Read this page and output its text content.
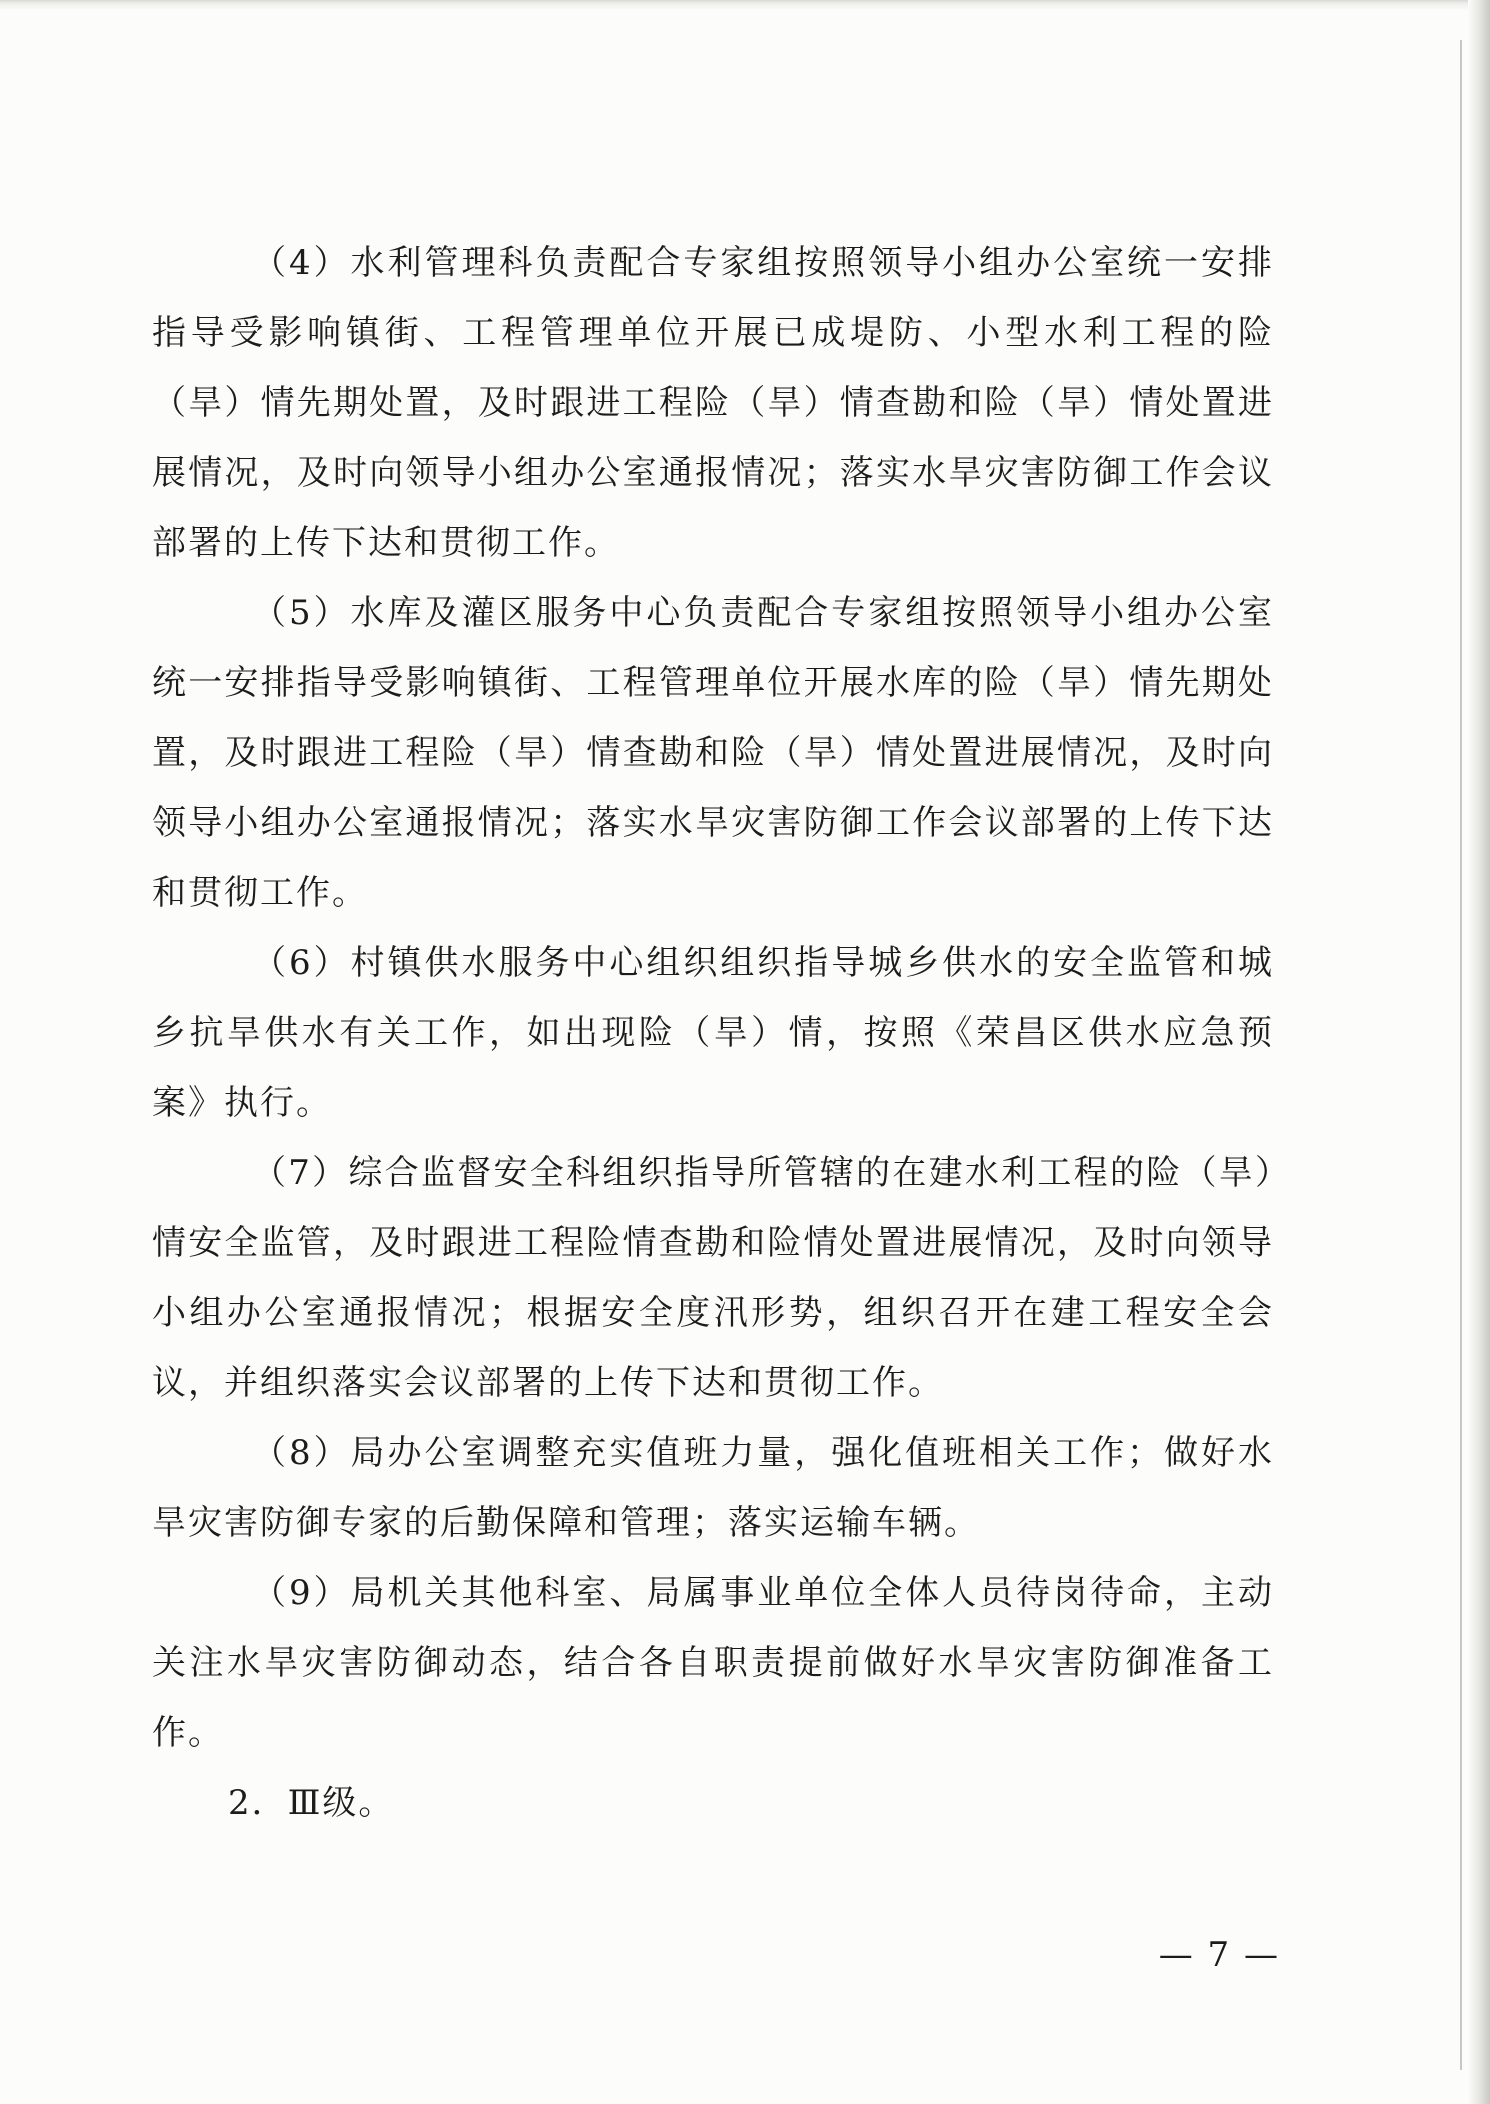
（4）水利管理科负责配合专家组按照领导小组办公室统一安排指导受影响镇街、工程管理单位开展已成堤防、小型水利工程的险（旱）情先期处置，及时跟进工程险（旱）情查勘和险（旱）情处置进展情况，及时向领导小组办公室通报情况；落实水旱灾害防御工作会议部署的上传下达和贯彻工作。

（5）水库及灌区服务中心负责配合专家组按照领导小组办公室统一安排指导受影响镇街、工程管理单位开展水库的险（旱）情先期处置，及时跟进工程险（旱）情查勘和险（旱）情处置进展情况，及时向领导小组办公室通报情况；落实水旱灾害防御工作会议部署的上传下达和贯彻工作。

（6）村镇供水服务中心组织组织指导城乡供水的安全监管和城乡抗旱供水有关工作，如出现险（旱）情，按照《荣昌区供水应急预案》执行。

（7）综合监督安全科组织指导所管辖的在建水利工程的险（旱）情安全监管，及时跟进工程险情查勘和险情处置进展情况，及时向领导小组办公室通报情况；根据安全度汛形势，组织召开在建工程安全会议，并组织落实会议部署的上传下达和贯彻工作。

（8）局办公室调整充实值班力量，强化值班相关工作；做好水旱灾害防御专家的后勤保障和管理；落实运输车辆。

（9）局机关其他科室、局属事业单位全体人员待岗待命，主动关注水旱灾害防御动态，结合各自职责提前做好水旱灾害防御准备工作。

2．Ⅲ级。

— 7 —
